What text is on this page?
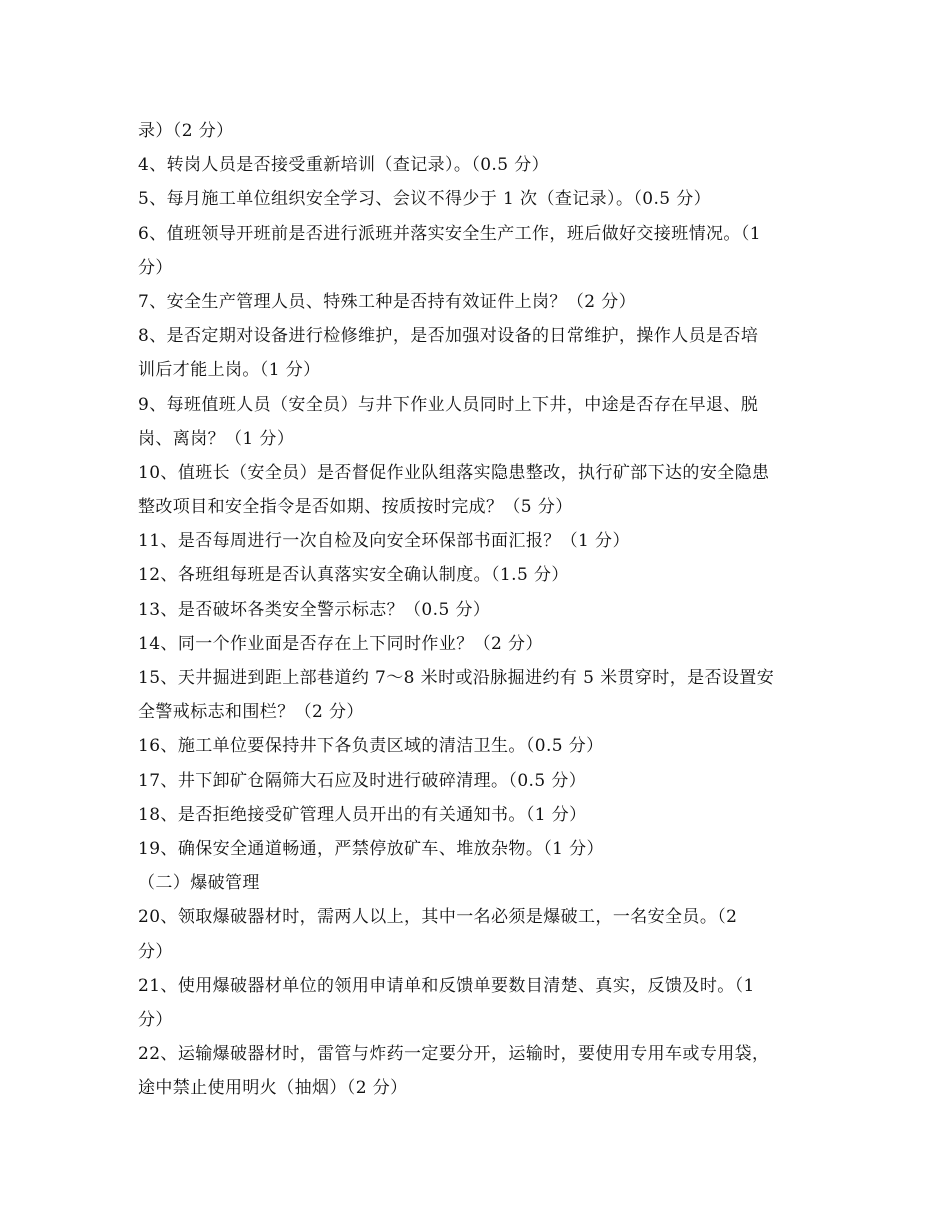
录）（2 分）
4、转岗人员是否接受重新培训（查记录）。（0.5 分）
5、每月施工单位组织安全学习、会议不得少于 1 次（查记录）。（0.5 分）
6、值班领导开班前是否进行派班并落实安全生产工作，班后做好交接班情况。（1
分）
7、安全生产管理人员、特殊工种是否持有效证件上岗？（2 分）
8、是否定期对设备进行检修维护，是否加强对设备的日常维护，操作人员是否培
训后才能上岗。（1 分）
9、每班值班人员（安全员）与井下作业人员同时上下井，中途是否存在早退、脱
岗、离岗？（1 分）
10、值班长（安全员）是否督促作业队组落实隐患整改，执行矿部下达的安全隐患
整改项目和安全指令是否如期、按质按时完成？（5 分）
11、是否每周进行一次自检及向安全环保部书面汇报？（1 分）
12、各班组每班是否认真落实安全确认制度。（1.5 分）
13、是否破坏各类安全警示标志？（0.5 分）
14、同一个作业面是否存在上下同时作业？（2 分）
15、天井掘进到距上部巷道约 7～8 米时或沿脉掘进约有 5 米贯穿时，是否设置安
全警戒标志和围栏？（2 分）
16、施工单位要保持井下各负责区域的清洁卫生。（0.5 分）
17、井下卸矿仓隔筛大石应及时进行破碎清理。（0.5 分）
18、是否拒绝接受矿管理人员开出的有关通知书。（1 分）
19、确保安全通道畅通，严禁停放矿车、堆放杂物。（1 分）
（二）爆破管理
20、领取爆破器材时，需两人以上，其中一名必须是爆破工，一名安全员。（2
分）
21、使用爆破器材单位的领用申请单和反馈单要数目清楚、真实，反馈及时。（1
分）
22、运输爆破器材时，雷管与炸药一定要分开，运输时，要使用专用车或专用袋，
途中禁止使用明火（抽烟）（2 分）
